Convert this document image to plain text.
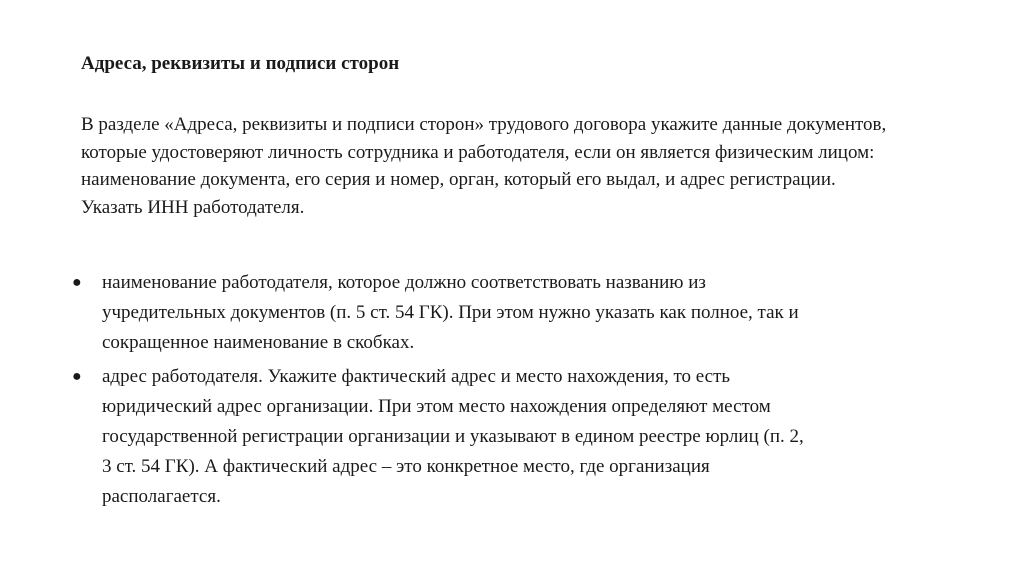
Адреса, реквизиты и подписи сторон

В разделе «Адреса, реквизиты и подписи сторон» трудового договора укажите данные документов,
которые удостоверяют личность сотрудника и работодателя, если он является физическим лицом:
наименование документа, его серия и номер, орган, который его выдал, и адрес регистрации.
Указать ИНН работодателя.

● наименование работодателя, которое должно соответствовать названию из
учредительных документов (п. 5 ст. 54 ГК). При этом нужно указать как полное, так и
сокращенное наименование в скобках.
● адрес работодателя. Укажите фактический адрес и место нахождения, то есть
юридический адрес организации. При этом место нахождения определяют местом
государственной регистрации организации и указывают в едином реестре юрлиц (п. 2,
3 ст. 54 ГК). А фактический адрес – это конкретное место, где организация
располагается.
